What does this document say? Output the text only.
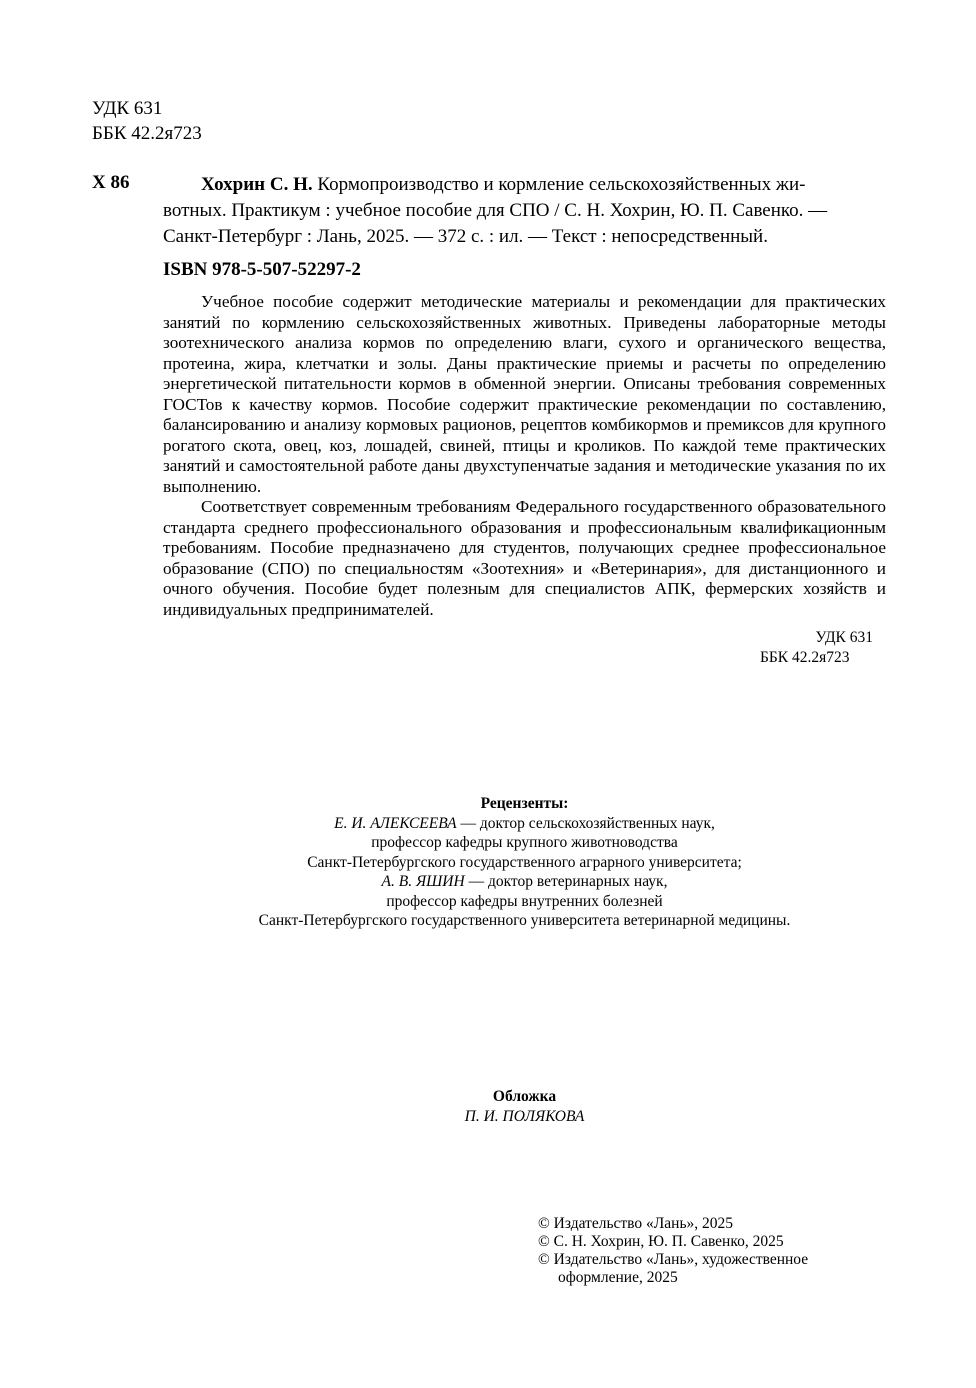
УДК 631
ББК 42.2я723
Х 86	Хохрин С. Н. Кормопроизводство и кормление сельскохозяйственных жи-
вотных. Практикум : учебное пособие для СПО / С. Н. Хохрин, Ю. П. Савенко. —
Санкт-Петербург : Лань, 2025. — 372 с. : ил. — Текст : непосредственный.
ISBN 978-5-507-52297-2

Учебное пособие содержит методические материалы и рекомендации для практических занятий по кормлению сельскохозяйственных животных. Приведены лабораторные методы зоотехнического анализа кормов по определению влаги, сухого и органического вещества, протеина, жира, клетчатки и золы. Даны практические приемы и расчеты по определению энергетической питательности кормов в обменной энергии. Описаны требования современных ГОСТов к качеству кормов. Пособие содержит практические рекомендации по составлению, балансированию и анализу кормовых рационов, рецептов комбикормов и премиксов для крупного рогатого скота, овец, коз, лошадей, свиней, птицы и кроликов. По каждой теме практических занятий и самостоятельной работе даны двухступенчатые задания и методические указания по их выполнению.

Соответствует современным требованиям Федерального государственного образовательного стандарта среднего профессионального образования и профессиональным квалификационным требованиям. Пособие предназначено для студентов, получающих среднее профессиональное образование (СПО) по специальностям «Зоотехния» и «Ветеринария», для дистанционного и очного обучения. Пособие будет полезным для специалистов АПК, фермерских хозяйств и индивидуальных предпринимателей.

УДК 631
ББК 42.2я723
Рецензенты:
Е. И. АЛЕКСЕЕВА — доктор сельскохозяйственных наук,
профессор кафедры крупного животноводства
Санкт-Петербургского государственного аграрного университета;
А. В. ЯШИН — доктор ветеринарных наук,
профессор кафедры внутренних болезней
Санкт-Петербургского государственного университета ветеринарной медицины.
Обложка
П. И. ПОЛЯКОВА
© Издательство «Лань», 2025
© С. Н. Хохрин, Ю. П. Савенко, 2025
© Издательство «Лань», художественное
оформление, 2025
